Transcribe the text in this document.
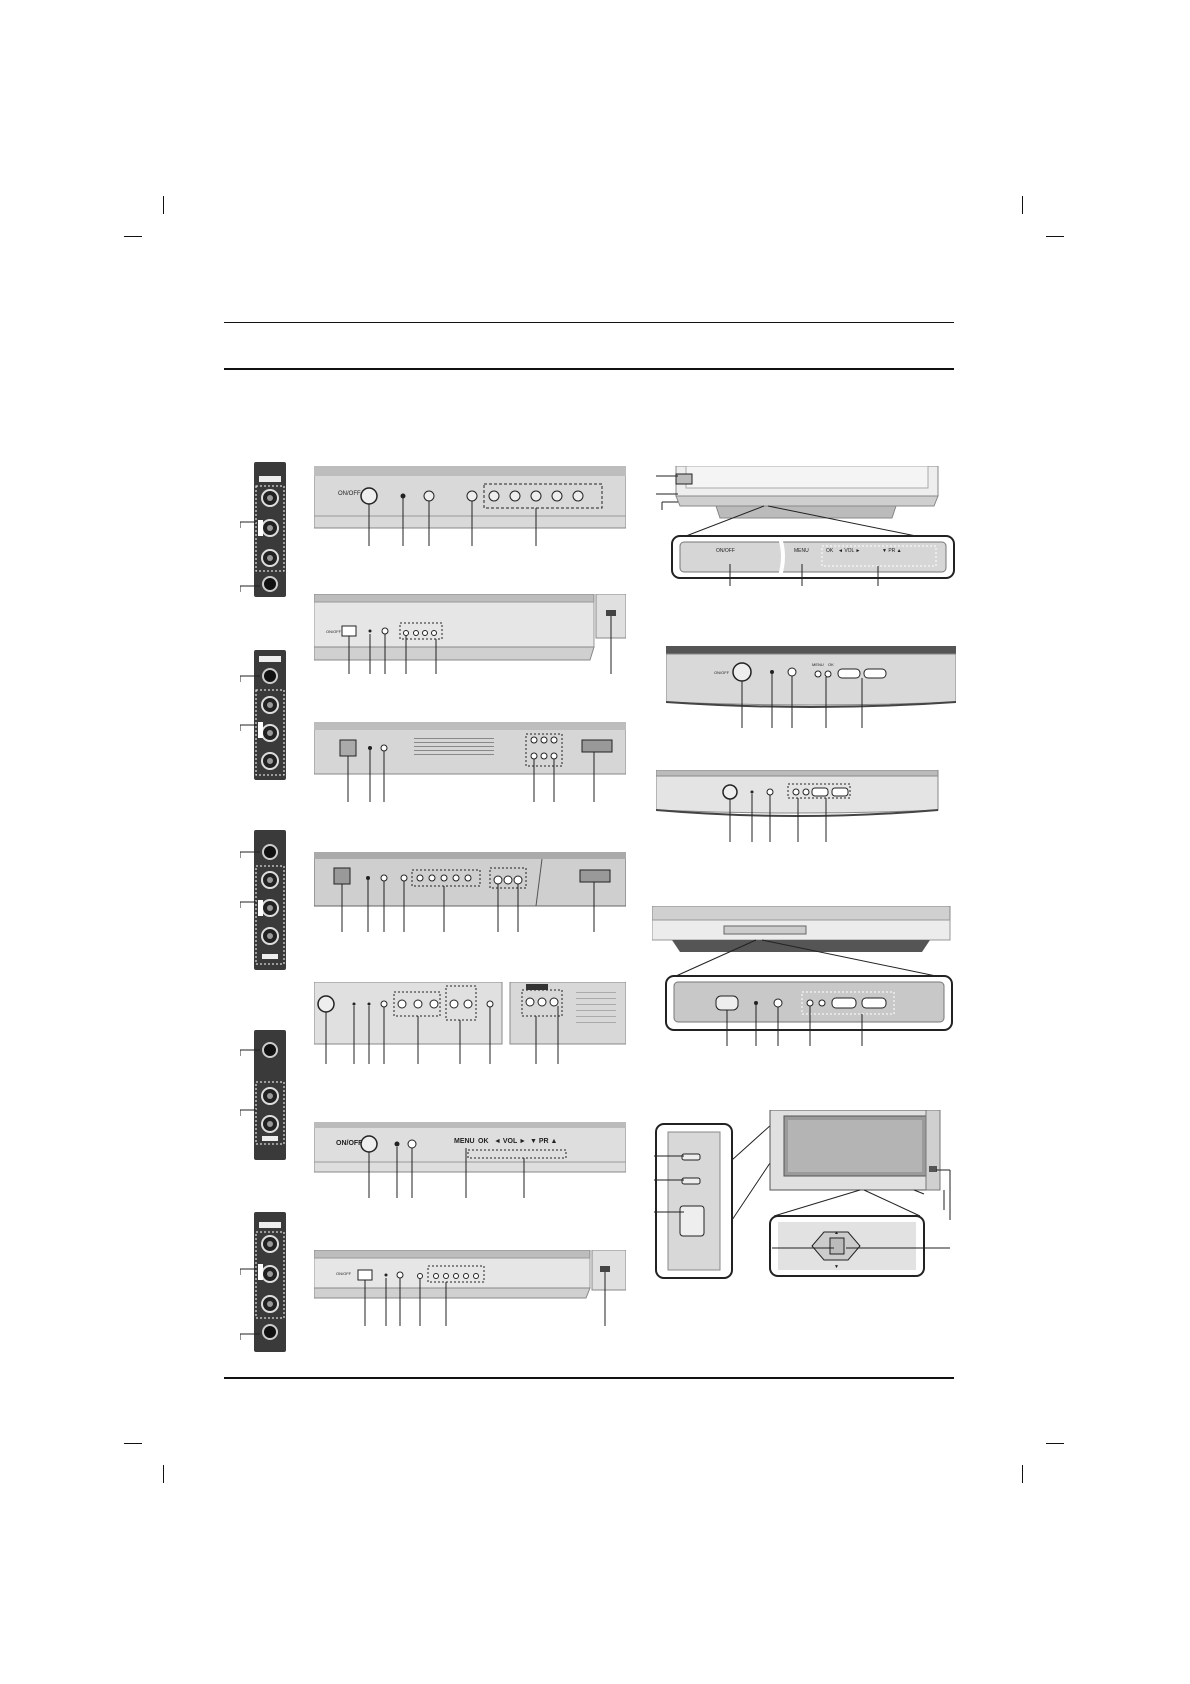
ON/OFF
ON/OFF
ON/OFF	MENU OK ◄ VOL ► ▼ PR ▲
ON/OFF
ON/OFF	MENU	OK ◄ VOL ►	▼ PR ▲
ON/OFF
MENU OK
▲
▼
